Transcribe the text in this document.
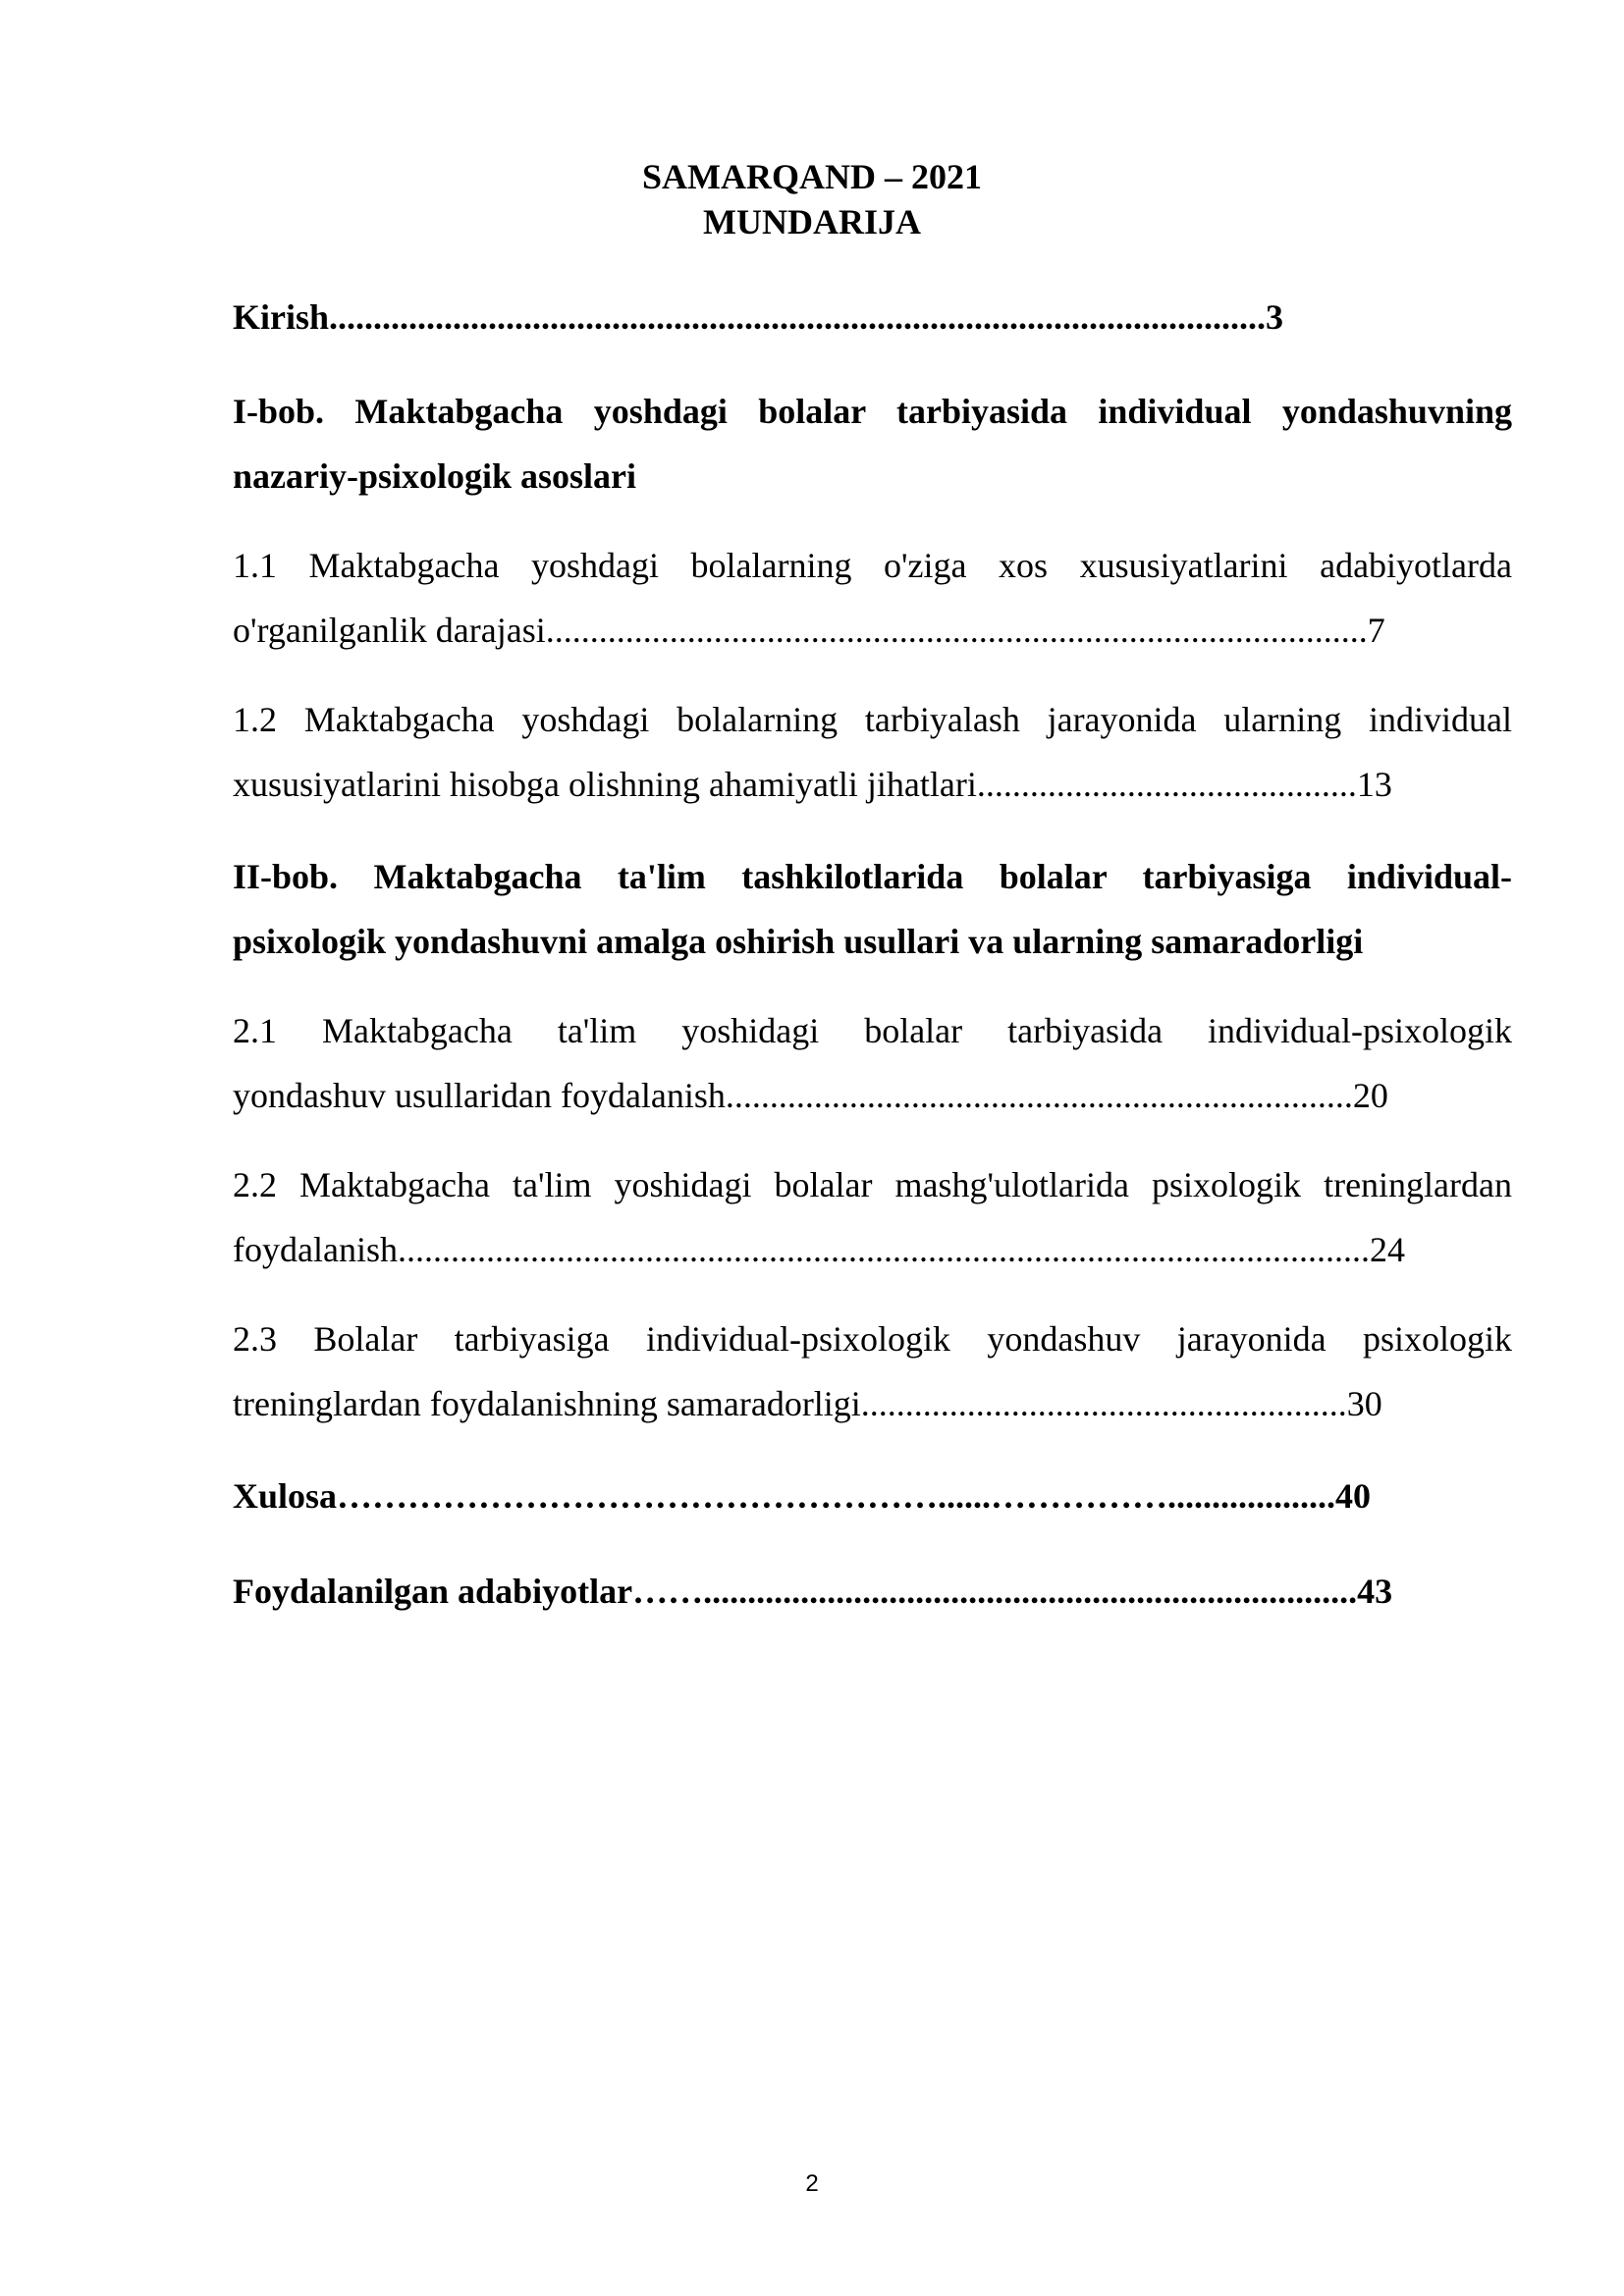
SAMARQAND – 2021
MUNDARIJA
Kirish..........................................................................................................3
I-bob. Maktabgacha yoshdagi bolalar tarbiyasida individual yondashuvning
nazariy-psixologik asoslari
1.1 Maktabgacha yoshdagi bolalarning o'ziga xos xususiyatlarini adabiyotlarda
o'rganilganlik darajasi.............................................................................................7
1.2 Maktabgacha yoshdagi bolalarning tarbiyalash jarayonida ularning individual
xususiyatlarini hisobga olishning ahamiyatli jihatlari...........................................13
II-bob. Maktabgacha ta'lim tashkilotlarida bolalar tarbiyasiga individual-
psixologik yondashuvni amalga oshirish usullari va ularning samaradorligi
2.1 Maktabgacha ta'lim yoshidagi bolalar tarbiyasida individual-psixologik
yondashuv usullaridan foydalanish.......................................................................20
2.2 Maktabgacha ta'lim yoshidagi bolalar mashg'ulotlarida psixologik treninglardan
foydalanish..............................................................................................................24
2.3 Bolalar tarbiyasiga individual-psixologik yondashuv jarayonida psixologik
treninglardan foydalanishning samaradorligi.......................................................30
Xulosa……………………………………………......……………...................40
Foydalanilgan adabiyotlar……..........................................................................43
2
